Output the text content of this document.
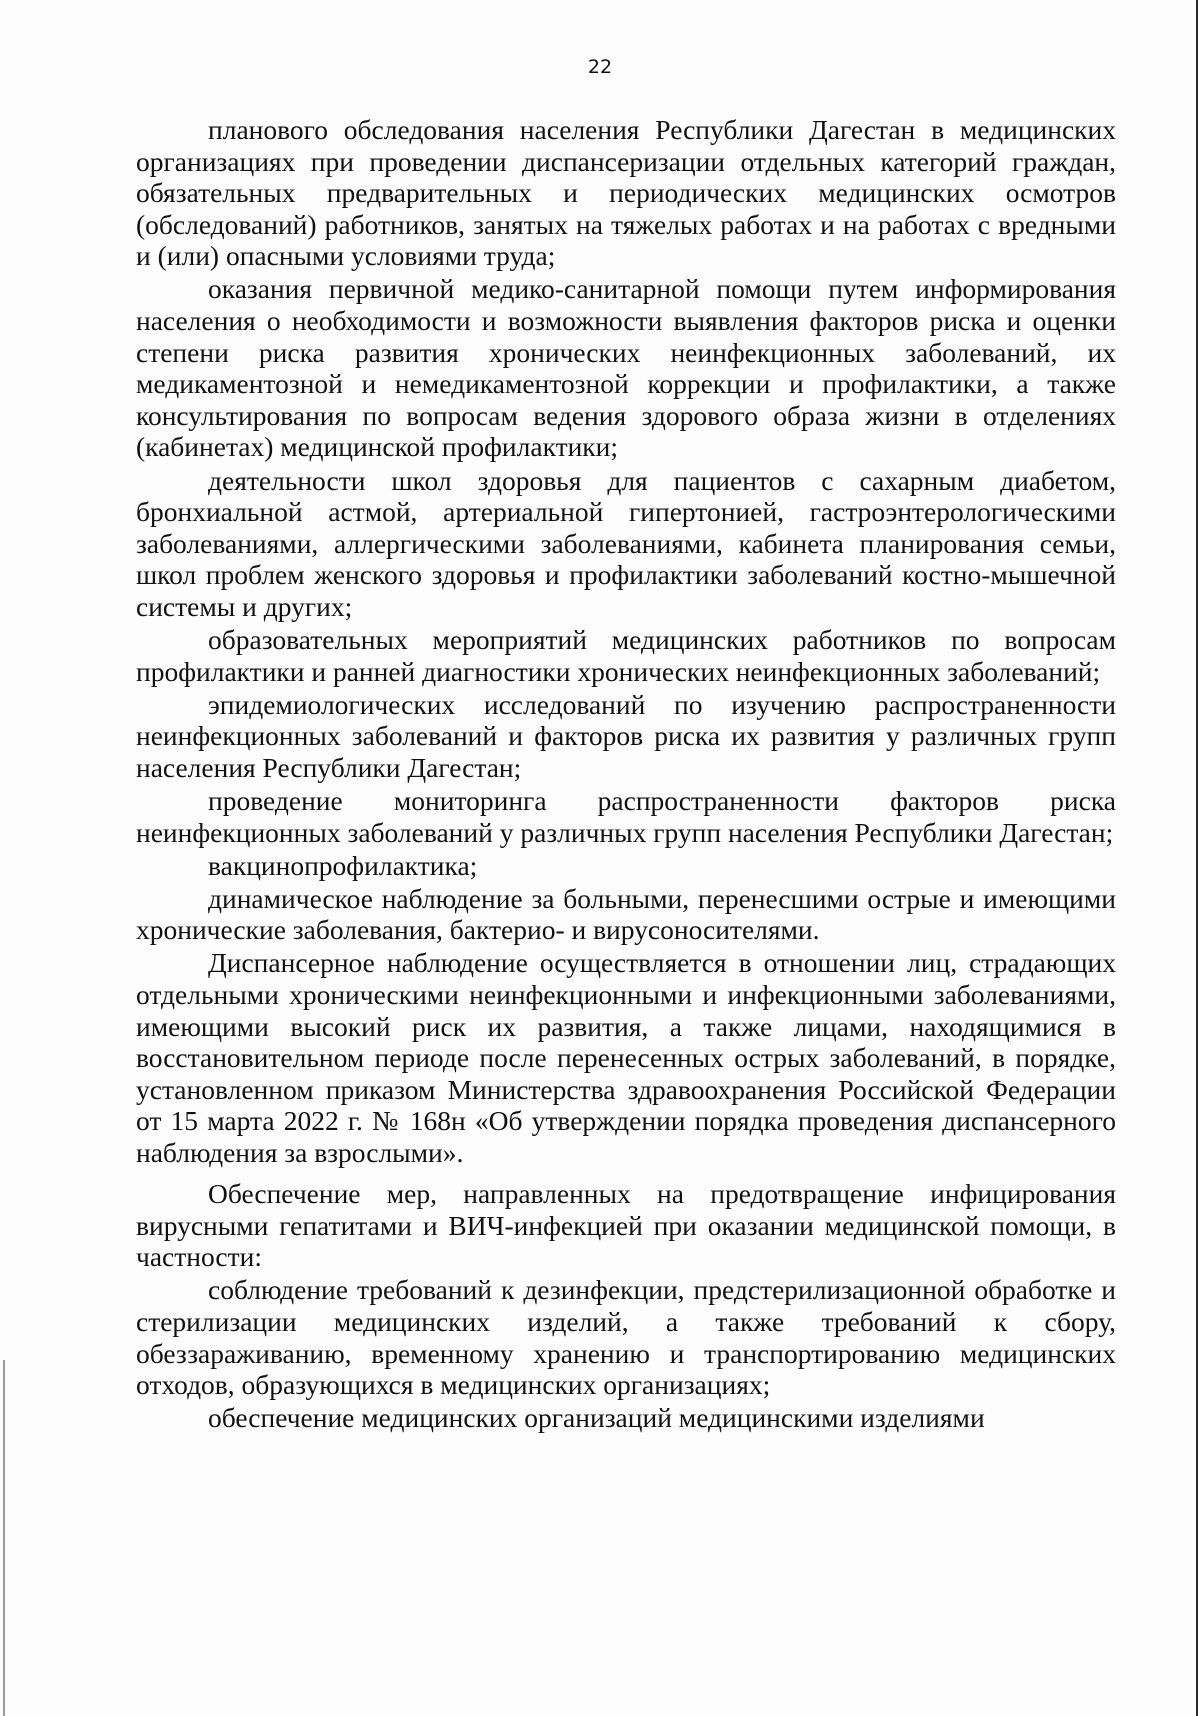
22

планового обследования населения Республики Дагестан в медицинских организациях при проведении диспансеризации отдельных категорий граждан, обязательных предварительных и периодических медицинских осмотров (обследований) работников, занятых на тяжелых работах и на работах с вредными и (или) опасными условиями труда;

оказания первичной медико-санитарной помощи путем информирования населения о необходимости и возможности выявления факторов риска и оценки степени риска развития хронических неинфекционных заболеваний, их медикаментозной и немедикаментозной коррекции и профилактики, а также консультирования по вопросам ведения здорового образа жизни в отделениях (кабинетах) медицинской профилактики;

деятельности школ здоровья для пациентов с сахарным диабетом, бронхиальной астмой, артериальной гипертонией, гастроэнтерологическими заболеваниями, аллергическими заболеваниями, кабинета планирования семьи, школ проблем женского здоровья и профилактики заболеваний костно-мышечной системы и других;

образовательных мероприятий медицинских работников по вопросам профилактики и ранней диагностики хронических неинфекционных заболеваний;

эпидемиологических исследований по изучению распространенности неинфекционных заболеваний и факторов риска их развития у различных групп населения Республики Дагестан;

проведение мониторинга распространенности факторов риска неинфекционных заболеваний у различных групп населения Республики Дагестан;

вакцинопрофилактика;

динамическое наблюдение за больными, перенесшими острые и имеющими хронические заболевания, бактерио- и вирусоносителями.

Диспансерное наблюдение осуществляется в отношении лиц, страдающих отдельными хроническими неинфекционными и инфекционными заболеваниями, имеющими высокий риск их развития, а также лицами, находящимися в восстановительном периоде после перенесенных острых заболеваний, в порядке, установленном приказом Министерства здравоохранения Российской Федерации от 15 марта 2022 г. № 168н «Об утверждении порядка проведения диспансерного наблюдения за взрослыми».

Обеспечение мер, направленных на предотвращение инфицирования вирусными гепатитами и ВИЧ-инфекцией при оказании медицинской помощи, в частности:

соблюдение требований к дезинфекции, предстерилизационной обработке и стерилизации медицинских изделий, а также требований к сбору, обеззараживанию, временному хранению и транспортированию медицинских отходов, образующихся в медицинских организациях;

обеспечение медицинских организаций медицинскими изделиями
